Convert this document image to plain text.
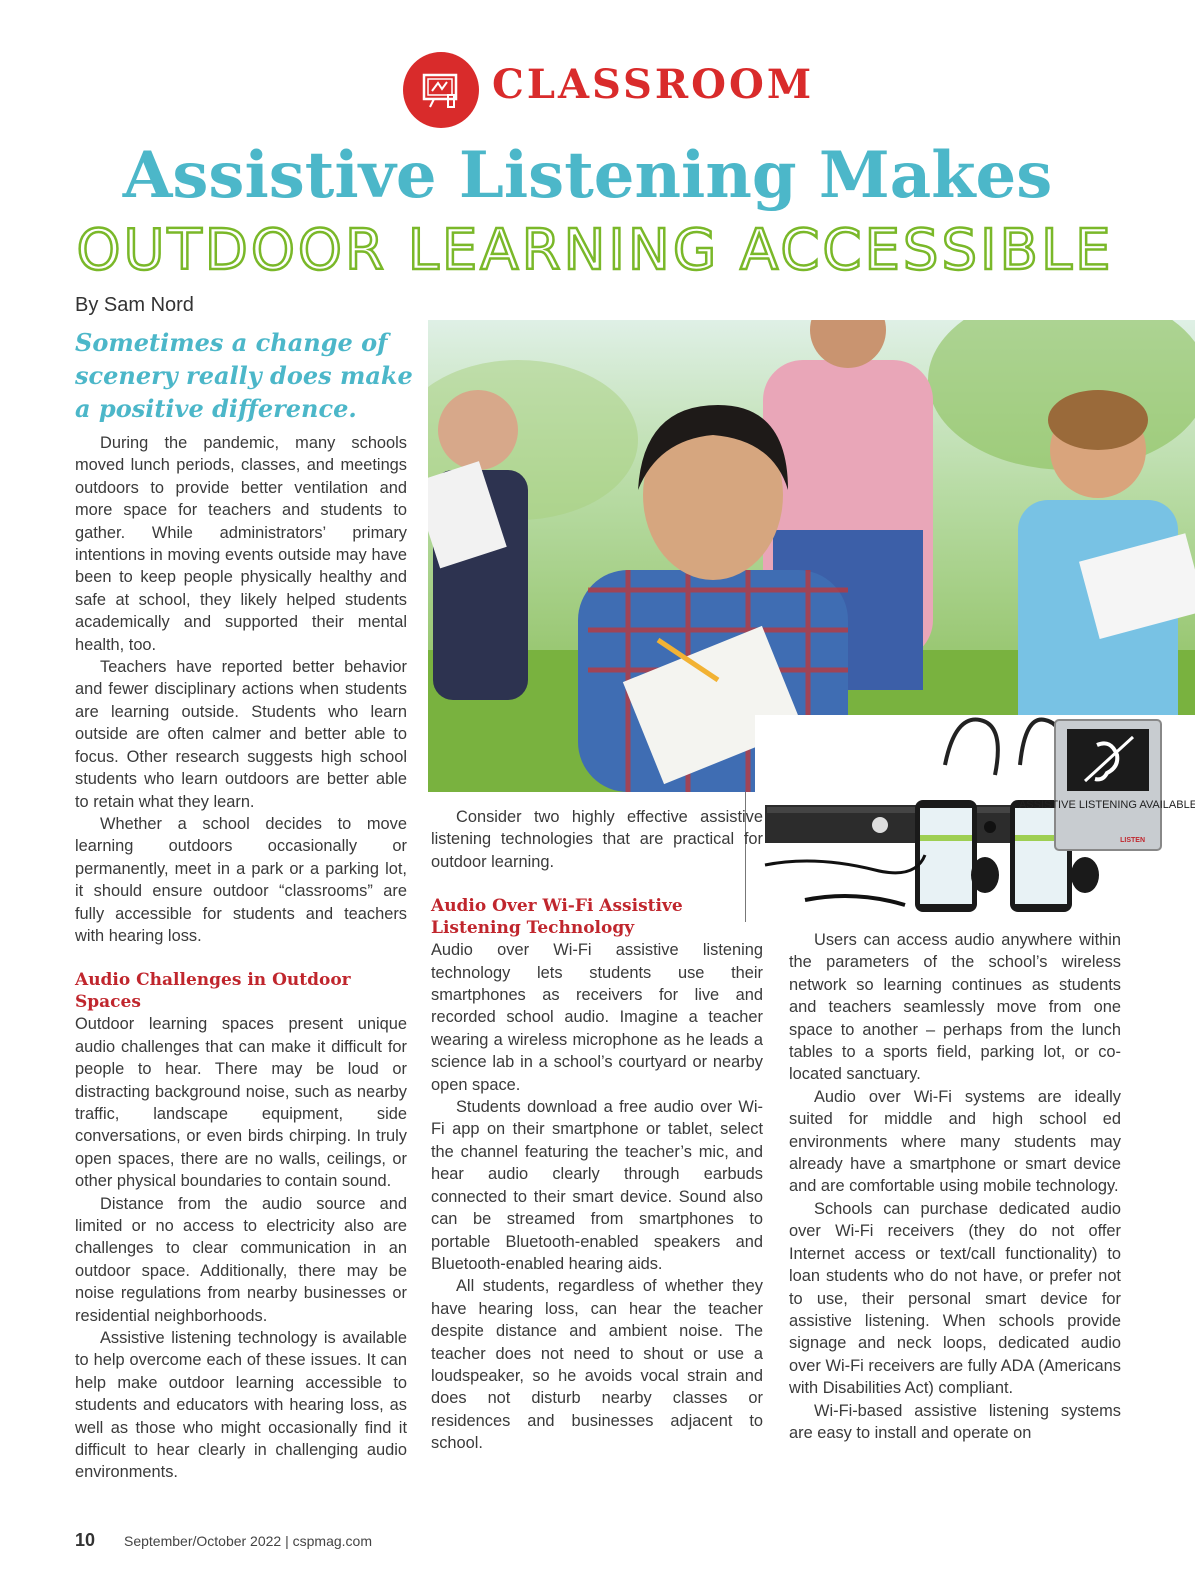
CLASSROOM
Assistive Listening Makes
OUTDOOR LEARNING ACCESSIBLE
By Sam Nord
Sometimes a change of scenery really does make a positive difference.
ASSISTIVE LISTENING AVAILABLE
LISTEN

During the pandemic, many schools moved lunch periods, classes, and meetings outdoors to provide better ventilation and more space for teachers and students to gather. While administrators’ primary intentions in moving events outside may have been to keep people physically healthy and safe at school, they likely helped students academically and supported their mental health, too.

Teachers have reported better behavior and fewer disciplinary actions when students are learning outside. Students who learn outside are often calmer and better able to focus. Other research suggests high school students who learn outdoors are better able to retain what they learn.

Whether a school decides to move learning outdoors occasionally or permanently, meet in a park or a parking lot, it should ensure outdoor “classrooms” are fully accessible for students and teachers with hearing loss.

Audio Challenges in Outdoor Spaces

Outdoor learning spaces present unique audio challenges that can make it difficult for people to hear. There may be loud or distracting background noise, such as nearby traffic, landscape equipment, side conversations, or even birds chirping. In truly open spaces, there are no walls, ceilings, or other physical boundaries to contain sound.

Distance from the audio source and limited or no access to electricity also are challenges to clear communication in an outdoor space. Additionally, there may be noise regulations from nearby businesses or residential neighborhoods.

Assistive listening technology is available to help overcome each of these issues. It can help make outdoor learning accessible to students and educators with hearing loss, as well as those who might occasionally find it difficult to hear clearly in challenging audio environments.

Consider two highly effective assistive listening technologies that are practical for outdoor learning.

Audio Over Wi-Fi Assistive Listening Technology

Audio over Wi-Fi assistive listening technology lets students use their smartphones as receivers for live and recorded school audio. Imagine a teacher wearing a wireless microphone as he leads a science lab in a school’s courtyard or nearby open space.

Students download a free audio over Wi-Fi app on their smartphone or tablet, select the channel featuring the teacher’s mic, and hear audio clearly through earbuds connected to their smart device. Sound also can be streamed from smartphones to portable Bluetooth-enabled speakers and Bluetooth-enabled hearing aids.

All students, regardless of whether they have hearing loss, can hear the teacher despite distance and ambient noise. The teacher does not need to shout or use a loudspeaker, so he avoids vocal strain and does not disturb nearby classes or residences and businesses adjacent to school.

Users can access audio anywhere within the parameters of the school’s wireless network so learning continues as students and teachers seamlessly move from one space to another – perhaps from the lunch tables to a sports field, parking lot, or co-located sanctuary.

Audio over Wi-Fi systems are ideally suited for middle and high school ed environments where many students may already have a smartphone or smart device and are comfortable using mobile technology.

Schools can purchase dedicated audio over Wi-Fi receivers (they do not offer Internet access or text/call functionality) to loan students who do not have, or prefer not to use, their personal smart device for assistive listening. When schools provide signage and neck loops, dedicated audio over Wi-Fi receivers are fully ADA (Americans with Disabilities Act) compliant.

Wi-Fi-based assistive listening systems are easy to install and operate on

10 September/October 2022 | cspmag.com
